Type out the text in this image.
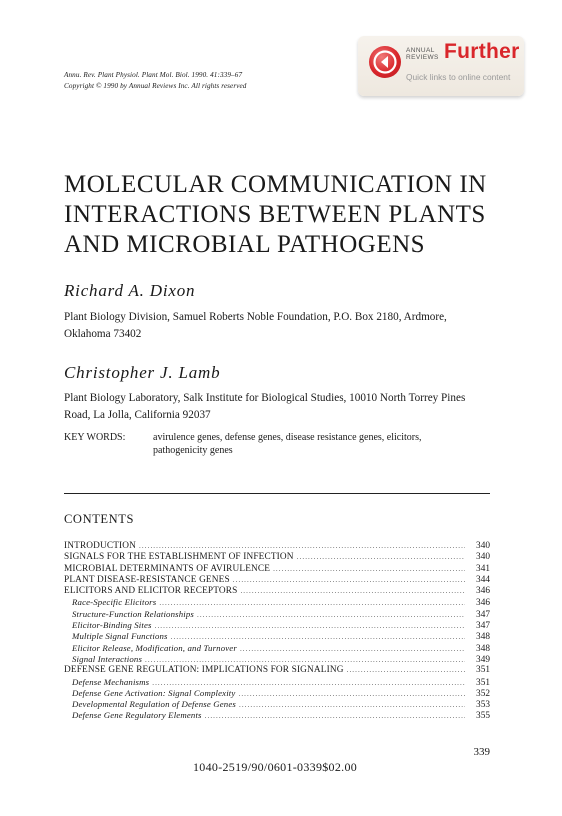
Annu. Rev. Plant Physiol. Plant Mol. Biol. 1990. 41:339–67
Copyright © 1990 by Annual Reviews Inc. All rights reserved
ANNUAL
REVIEWS Further
Quick links to online content
MOLECULAR COMMUNICATION IN
INTERACTIONS BETWEEN PLANTS
AND MICROBIAL PATHOGENS
Richard A. Dixon
Plant Biology Division, Samuel Roberts Noble Foundation, P.O. Box 2180, Ardmore, Oklahoma 73402
Christopher J. Lamb
Plant Biology Laboratory, Salk Institute for Biological Studies, 10010 North Torrey Pines Road, La Jolla, California 92037
KEY WORDS:	avirulence genes, defense genes, disease resistance genes, elicitors, pathogenicity genes
CONTENTS
INTRODUCTION .....	340
SIGNALS FOR THE ESTABLISHMENT OF INFECTION .....	340
MICROBIAL DETERMINANTS OF AVIRULENCE .....	341
PLANT DISEASE-RESISTANCE GENES .....	344
ELICITORS AND ELICITOR RECEPTORS .....	346
Race-Specific Elicitors .....	346
Structure-Function Relationships .....	347
Elicitor-Binding Sites .....	347
Multiple Signal Functions .....	348
Elicitor Release, Modification, and Turnover .....	348
Signal Interactions .....	349
DEFENSE GENE REGULATION: IMPLICATIONS FOR SIGNALING .....	351
Defense Mechanisms .....	351
Defense Gene Activation: Signal Complexity .....	352
Developmental Regulation of Defense Genes .....	353
Defense Gene Regulatory Elements .....	355
339
1040-2519/90/0601-0339$02.00
